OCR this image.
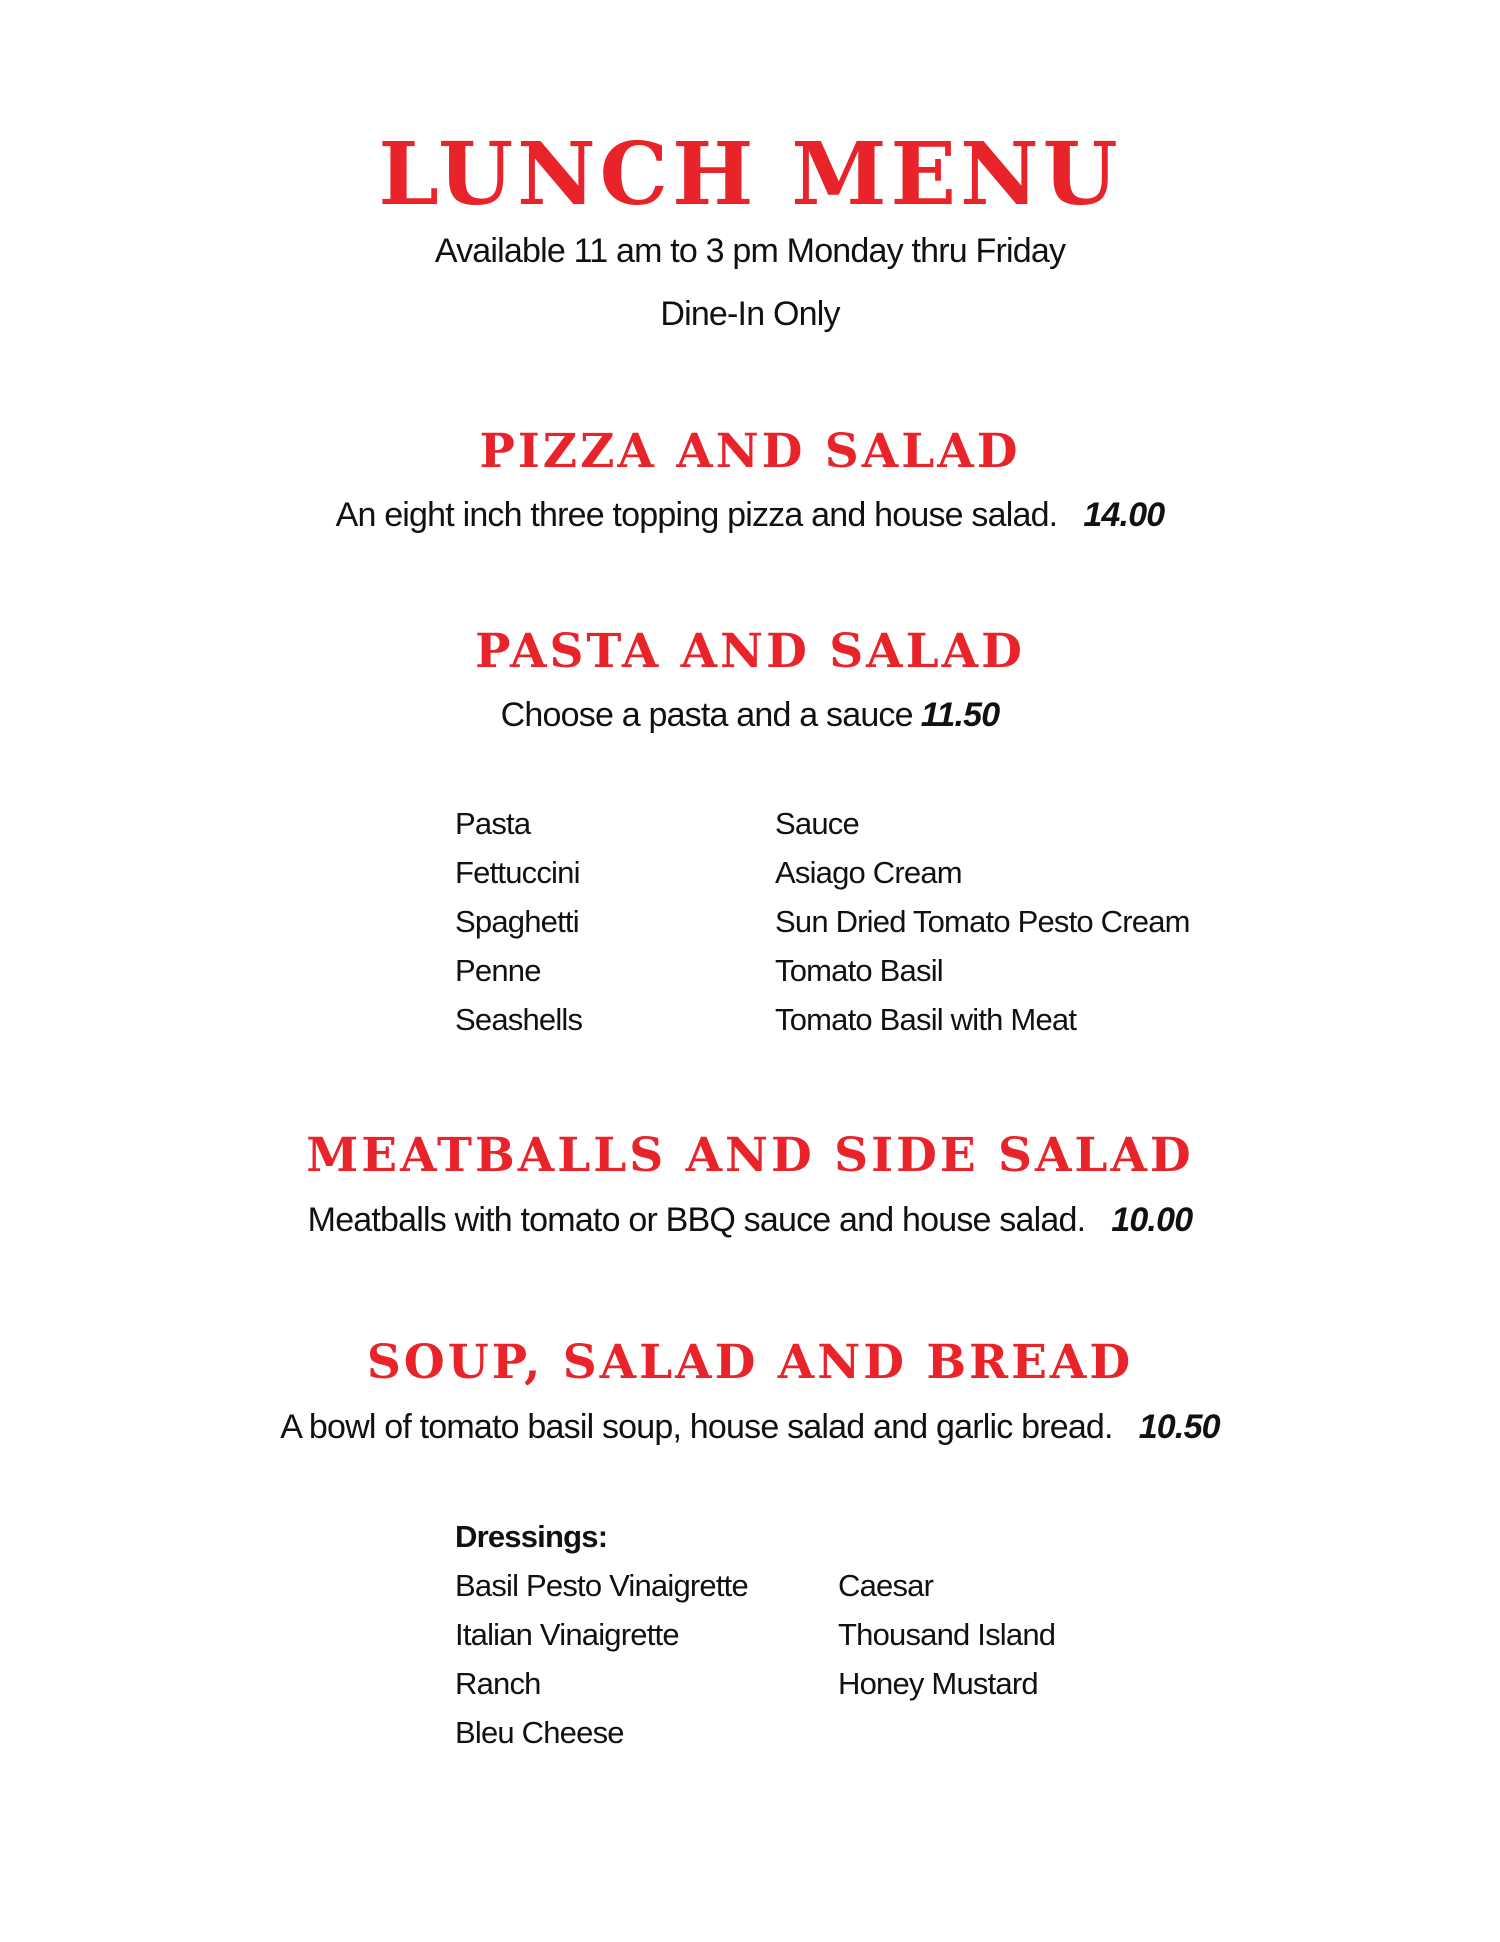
LUNCH MENU
Available 11 am to 3 pm Monday thru Friday
Dine-In Only
PIZZA AND SALAD
An eight inch three topping pizza and house salad. 14.00
PASTA AND SALAD
Choose a pasta and a sauce 11.50
Pasta
Fettuccini
Spaghetti
Penne
Seashells
Sauce
Asiago Cream
Sun Dried Tomato Pesto Cream
Tomato Basil
Tomato Basil with Meat
MEATBALLS AND SIDE SALAD
Meatballs with tomato or BBQ sauce and house salad. 10.00
SOUP, SALAD AND BREAD
A bowl of tomato basil soup, house salad and garlic bread. 10.50
Dressings:
Basil Pesto Vinaigrette
Italian Vinaigrette
Ranch
Bleu Cheese
Caesar
Thousand Island
Honey Mustard
